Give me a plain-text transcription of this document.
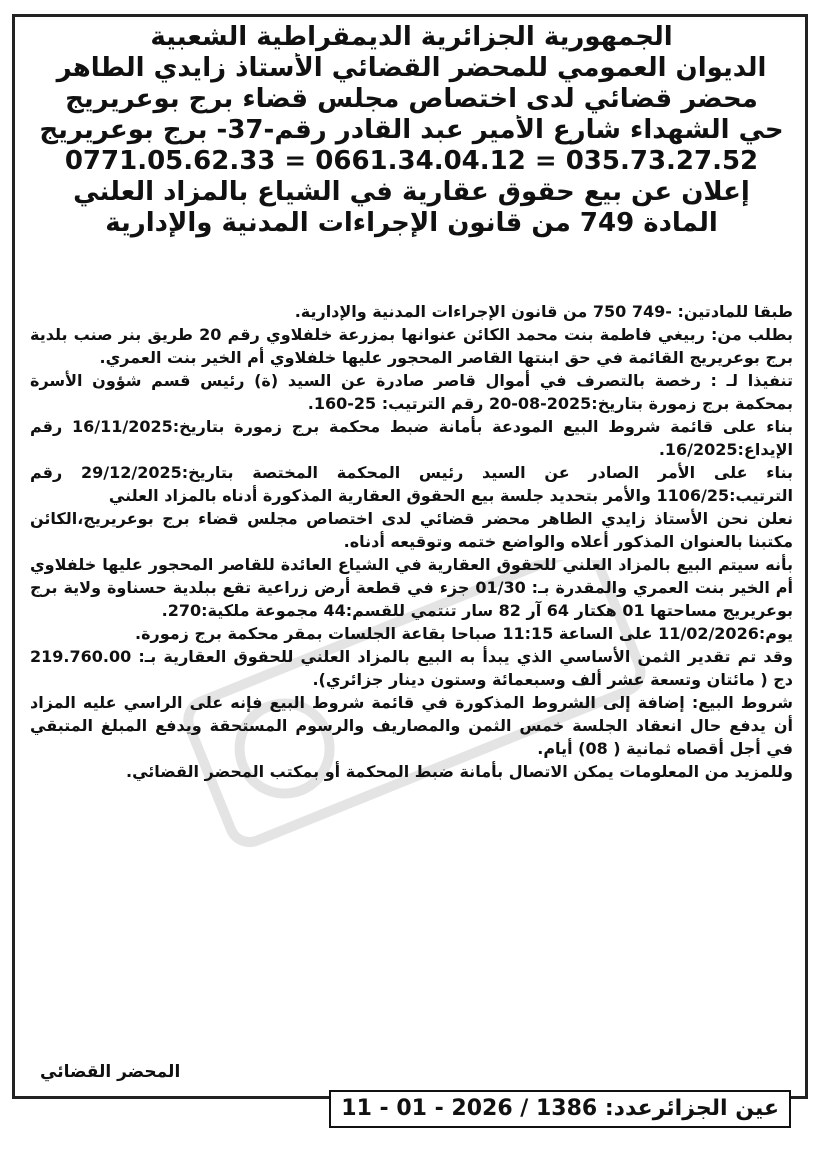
الجمهورية الجزائرية الديمقراطية الشعبية
الديوان العمومي للمحضر القضائي الأستاذ زايدي الطاهر
محضر قضائي لدى اختصاص مجلس قضاء برج بوعريريج
حي الشهداء شارع الأمير عبد القادر رقم-37- برج بوعريريج
0771.05.62.33 = 0661.34.04.12 = 035.73.27.52
إعلان عن بيع حقوق عقارية في الشياع بالمزاد العلني
المادة 749 من قانون الإجراءات المدنية والإدارية

طبقا للمادتين: -749 750 من قانون الإجراءات المدنية والإدارية.

بطلب من: ربيغي فاطمة بنت محمد الكائن عنوانها بمزرعة خلفلاوي رقم 20 طريق بنر صنب بلدية برج بوعريريج القائمة في حق ابنتها القاصر المحجور عليها خلفلاوي أم الخير بنت العمري.

تنفيذا لـ : رخصة بالتصرف في أموال قاصر صادرة عن السيد (ة) رئيس قسم شؤون الأسرة بمحكمة برج زمورة بتاريخ:2025-08-20 رقم الترتيب: 25-160.

بناء على قائمة شروط البيع المودعة بأمانة ضبط محكمة برج زمورة بتاريخ:16/11/2025 رقم الإيداع:16/2025.

بناء على الأمر الصادر عن السيد رئيس المحكمة المختصة بتاريخ:29/12/2025 رقم الترتيب:1106/25 والأمر بتحديد جلسة بيع الحقوق العقارية المذكورة أدناه بالمزاد العلني

نعلن نحن الأستاذ زايدي الطاهر محضر قضائي لدى اختصاص مجلس قضاء برج بوعريريج،الكائن مكتبنا بالعنوان المذكور أعلاه والواضع ختمه وتوقيعه أدناه.

بأنه سيتم البيع بالمزاد العلني للحقوق العقارية في الشياع العائدة للقاصر المحجور عليها خلفلاوي أم الخير بنت العمري والمقدرة بـ: 01/30 جزء في قطعة أرض زراعية تقع ببلدية حسناوة ولاية برج بوعريريج مساحتها 01 هكتار 64 آر 82 سار تنتمي للقسم:44 مجموعة ملكية:270.

يوم:11/02/2026 على الساعة 11:15 صباحا بقاعة الجلسات بمقر محكمة برج زمورة.

وقد تم تقدير الثمن الأساسي الذي يبدأ به البيع بالمزاد العلني للحقوق العقارية بـ: 219.760.00 دج ( مائتان وتسعة عشر ألف وسبعمائة وستون دينار جزائري).

شروط البيع: إضافة إلى الشروط المذكورة في قائمة شروط البيع فإنه على الراسي عليه المزاد أن يدفع حال انعقاد الجلسة خمس الثمن والمصاريف والرسوم المستحقة ويدفع المبلغ المتبقي في أجل أقصاه ثمانية ( 08) أيام.

وللمزيد من المعلومات يمكن الاتصال بأمانة ضبط المحكمة أو بمكتب المحضر القضائي.

المحضر القضائي
عين الجزائرعدد: 1386 / 11 - 01 - 2026
